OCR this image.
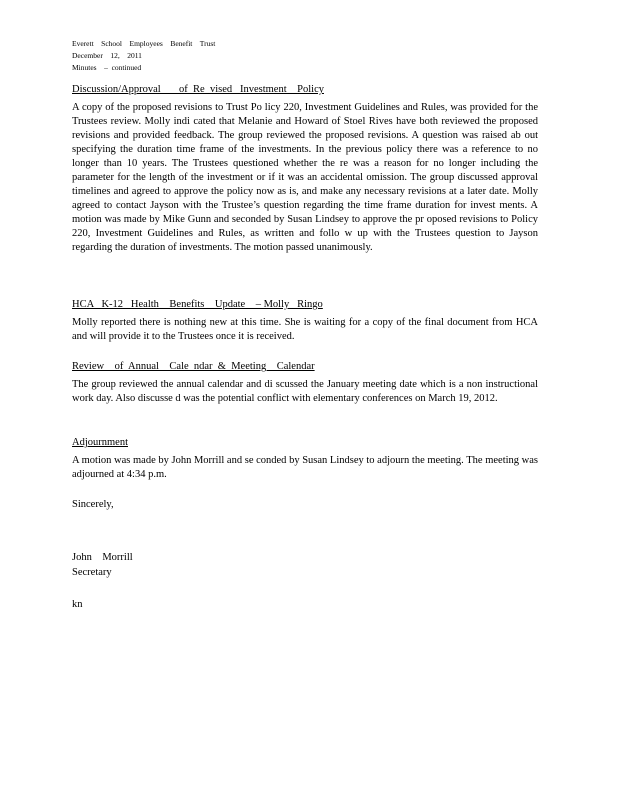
Everett    School    Employees    Benefit    Trust
December    12,    2011
Minutes    –  continued
Discussion/Approval       of  Re  vised   Investment    Policy
A copy of the proposed revisions to Trust Po licy 220, Investment Guidelines and Rules, was provided for the Trustees review. Molly indi cated that Melanie and Howard of Stoel Rives have both reviewed the proposed revisions and provided feedback. The group reviewed the proposed revisions. A question was raised ab out specifying the duration time frame of the investments. In the previous policy there was a reference to no longer than 10 years. The Trustees questioned whether the re was a reason for no longer including the parameter for the length of the investment or if it was an accidental omission. The group discussed approval timelines and agreed to approve the policy now as is, and make any necessary revisions at a later date. Molly agreed to contact Jayson with the Trustee’s question regarding the time frame duration for invest ments. A motion was made by Mike Gunn and seconded by Susan Lindsey to approve the pr oposed revisions to Policy 220, Investment Guidelines and Rules, as written and follo w up with the Trustees question to Jayson regarding the duration of investments. The motion passed unanimously.
HCA   K-12   Health    Benefits    Update    – Molly   Ringo
Molly reported there is nothing new at this time. She is waiting for a copy of the final document from HCA and will provide it to the Trustees once it is received.
Review    of  Annual    Cale  ndar  &  Meeting    Calendar
The group reviewed the annual calendar and di scussed the January meeting date which is a non instructional work day. Also discusse d was the potential conflict with elementary conferences on March 19, 2012.
Adjournment
A motion was made by John Morrill and se conded by Susan Lindsey to adjourn the meeting. The meeting was adjourned at 4:34 p.m.
Sincerely,
John    Morrill
Secretary
kn
